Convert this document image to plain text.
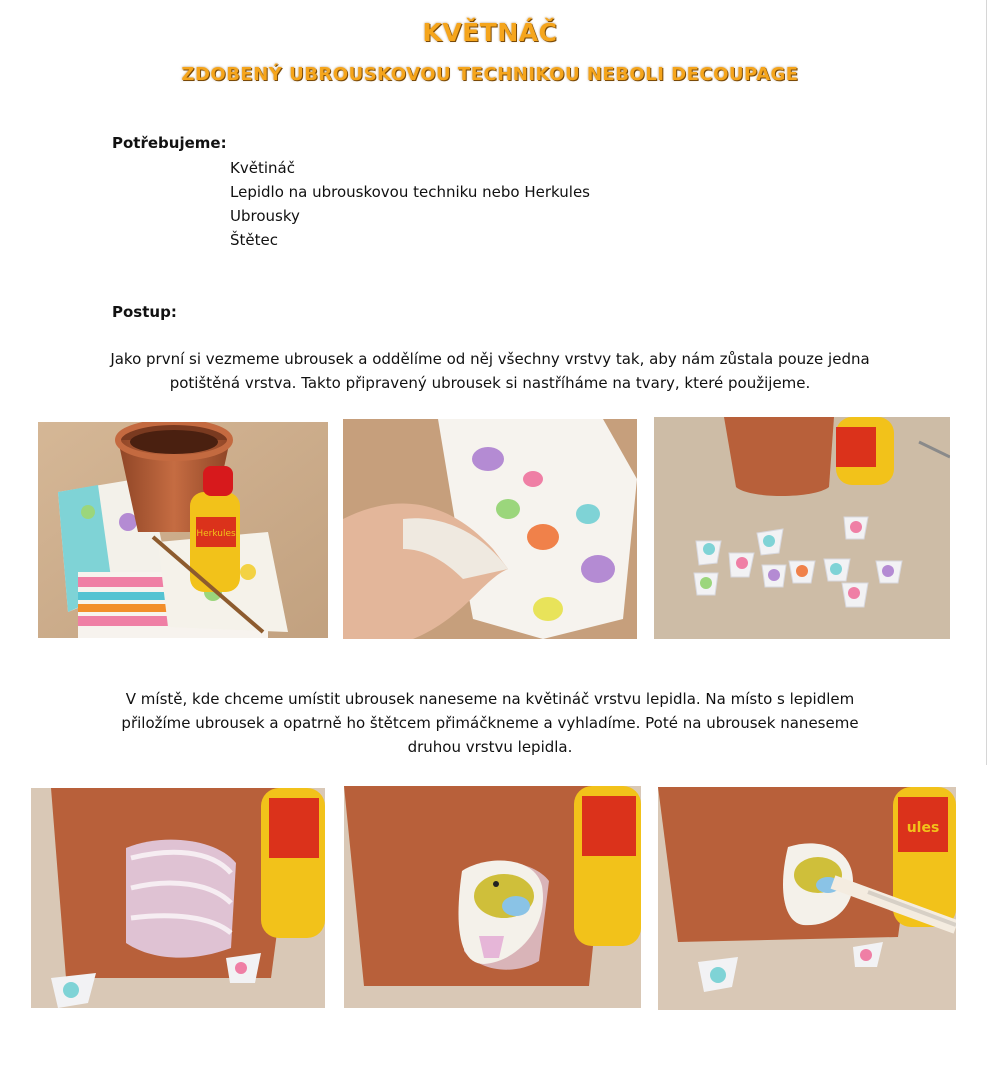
KVĚTNÁČ
ZDOBENÝ UBROUSKOVOU TECHNIKOU NEBOLI DECOUPAGE
Potřebujeme:
Květináč
Lepidlo na ubrouskovou techniku nebo Herkules
Ubrousky
Štětec
Postup:
Jako první si vezmeme ubrousek a oddělíme od něj všechny vrstvy tak, aby nám zůstala pouze jedna potištěná vrstva. Takto připravený ubrousek si nastříháme na tvary, které použijeme.
Herkules
V místě, kde chceme umístit ubrousek naneseme na květináč vrstvu lepidla. Na místo s lepidlem přiložíme ubrousek a opatrně ho štětcem přimáčkneme a vyhladíme. Poté na ubrousek naneseme druhou vrstvu lepidla.
ules
